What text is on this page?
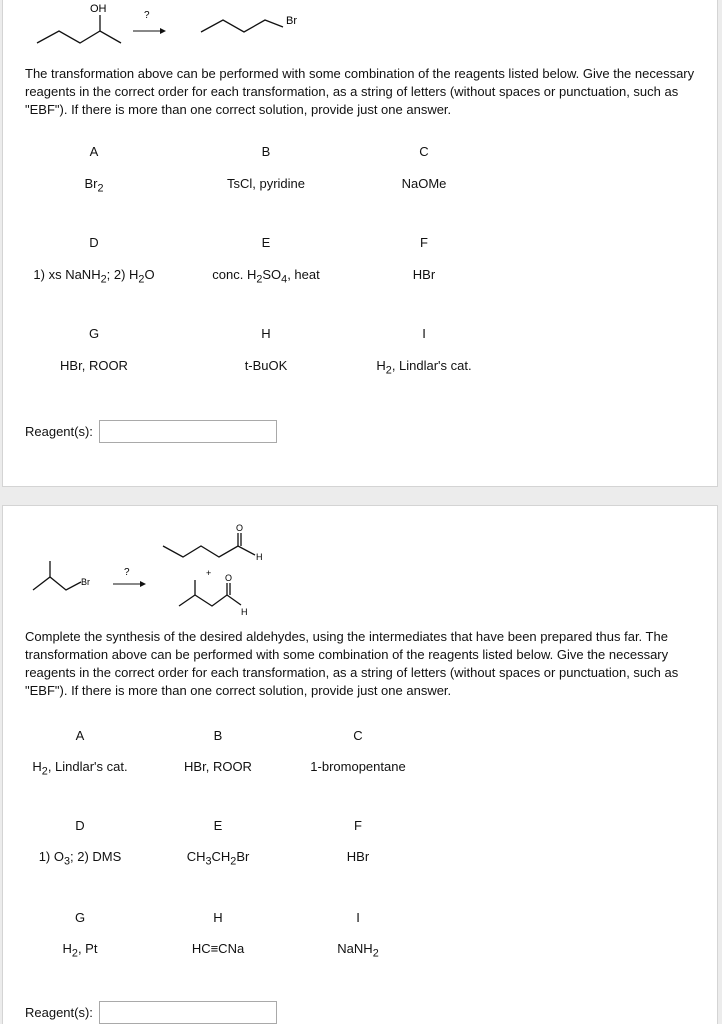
OH
?	Br
The transformation above can be performed with some combination of the reagents listed below. Give the necessary reagents in the correct order for each transformation, as a string of letters (without spaces or punctuation, such as "EBF"). If there is more than one correct solution, provide just one answer.
A
$Br_2$
B
TsCl, pyridine
C
NaOMe
D
1) xs NaNH$_2$; 2) $H_2O$
E
conc. $H_2SO_4$, heat
F
HBr
G
HBr, ROOR
H
t-BuOK
I
$H_2$, Lindlar's cat.
Reagent(s):
Br
?
O
H
+ O
H
Complete the synthesis of the desired aldehydes, using the intermediates that have been prepared thus far. The transformation above can be performed with some combination of the reagents listed below. Give the necessary reagents in the correct order for each transformation, as a string of letters (without spaces or punctuation, such as "EBF"). If there is more than one correct solution, provide just one answer.
A
$H_2$, Lindlar's cat.
B
HBr, ROOR
C
1-bromopentane
D
1) $O_3$; 2) DMS
E
$CH_3CH_2Br$
F
HBr
G
$H_2$, Pt
H
HC≡CNa
I
NaNH$_2$
Reagent(s):
